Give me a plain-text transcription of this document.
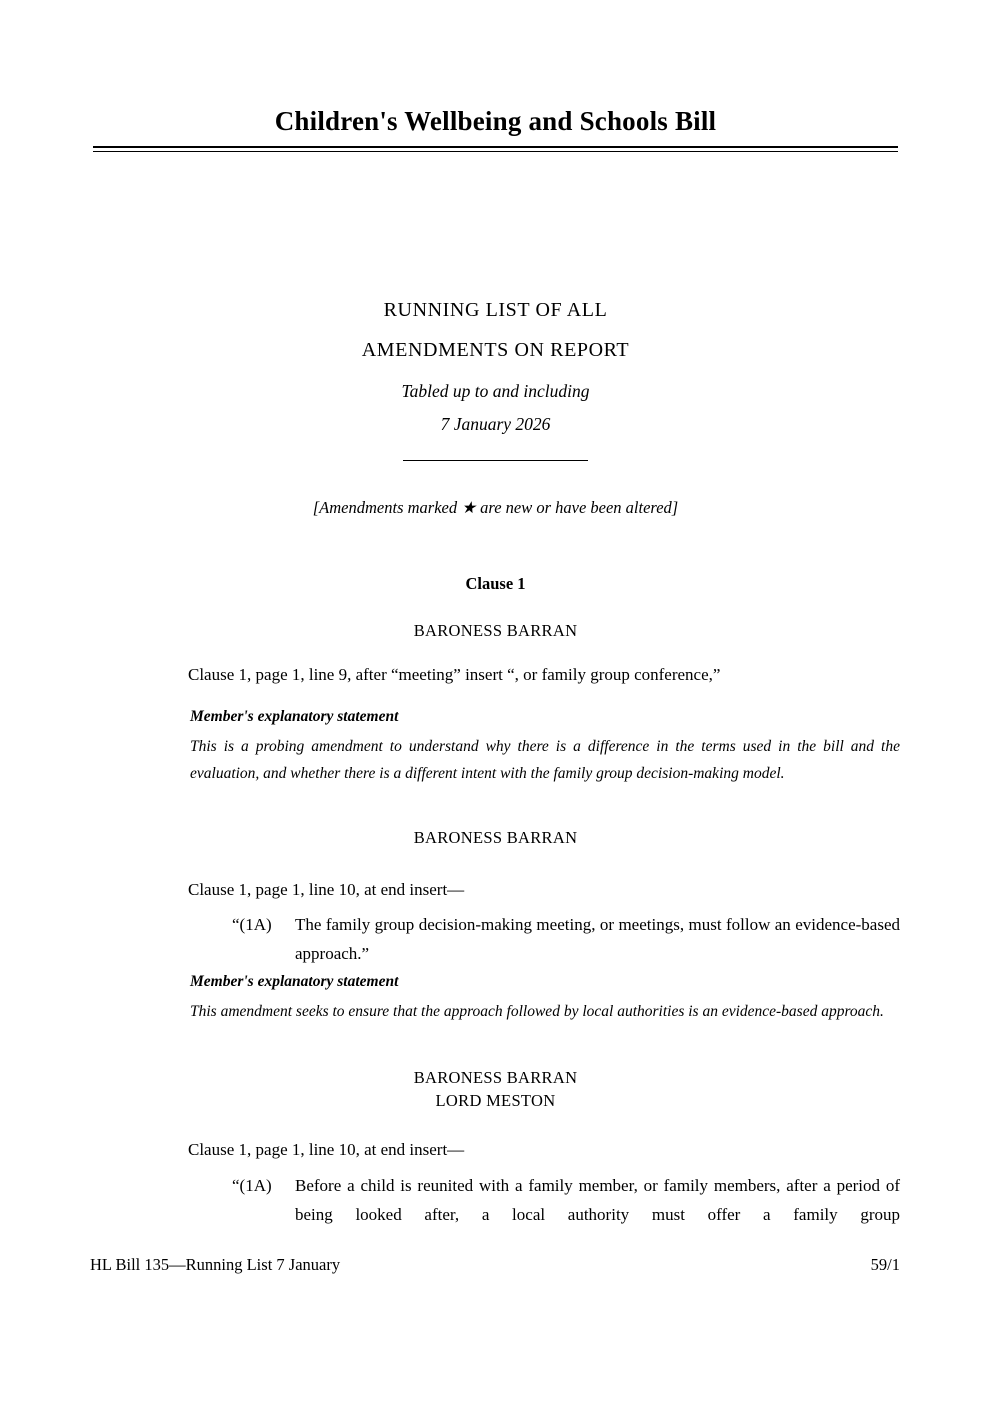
Children's Wellbeing and Schools Bill
RUNNING LIST OF ALL
AMENDMENTS ON REPORT
Tabled up to and including
7 January 2026
[Amendments marked ★ are new or have been altered]
Clause 1
BARONESS BARRAN
Clause 1, page 1, line 9, after “meeting” insert “, or family group conference,”
Member's explanatory statement
This is a probing amendment to understand why there is a difference in the terms used in the bill and the evaluation, and whether there is a different intent with the family group decision-making model.
BARONESS BARRAN
Clause 1, page 1, line 10, at end insert—
“(1A)	The family group decision-making meeting, or meetings, must follow an evidence-based approach.”
Member's explanatory statement
This amendment seeks to ensure that the approach followed by local authorities is an evidence-based approach.
BARONESS BARRAN
LORD MESTON
Clause 1, page 1, line 10, at end insert—
“(1A)	Before a child is reunited with a family member, or family members, after a period of being looked after, a local authority must offer a family group
HL Bill 135—Running List 7 January	59/1
